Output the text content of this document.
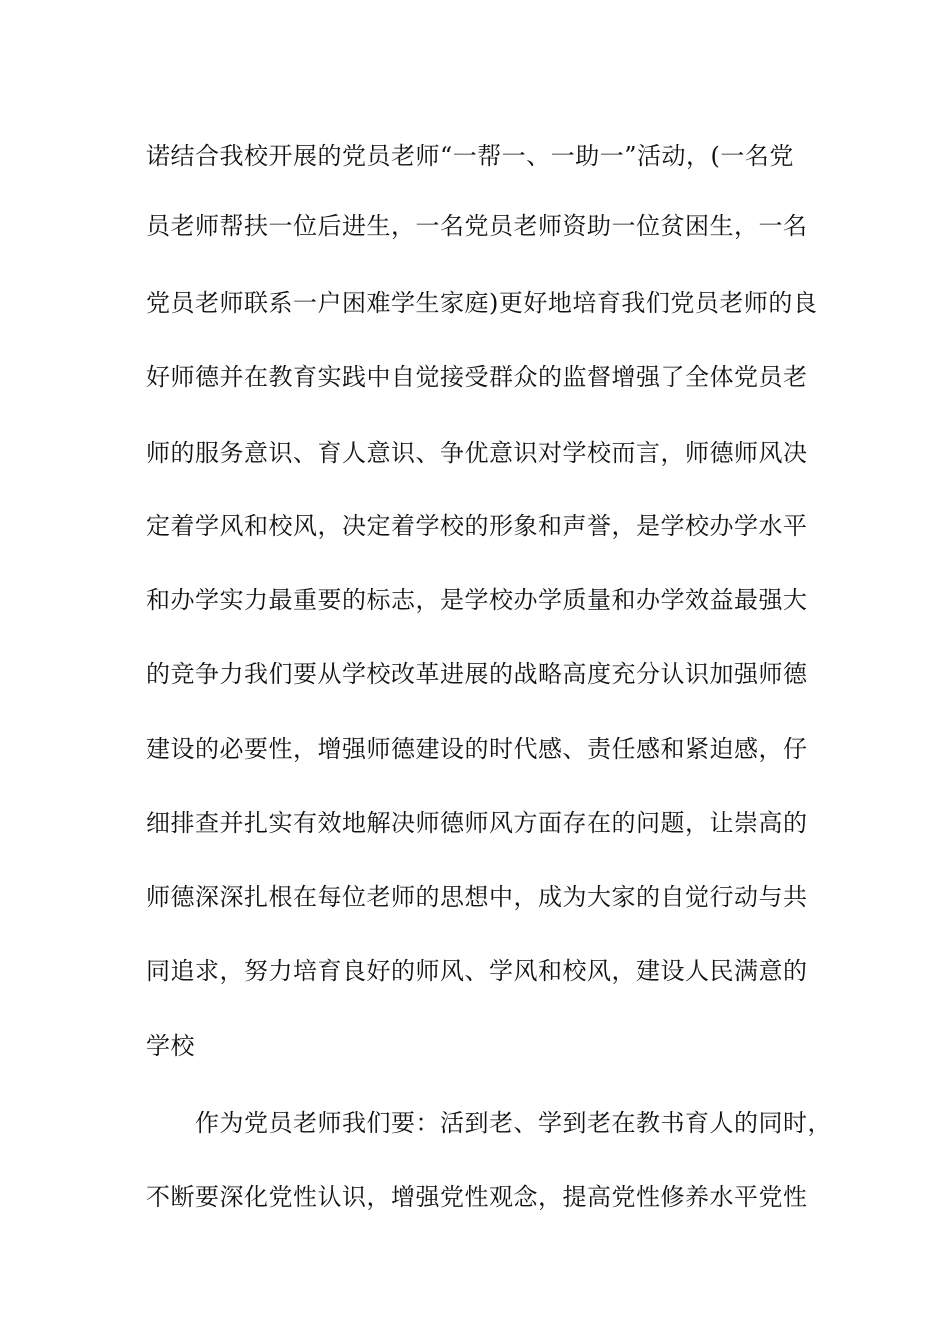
诺结合我校开展的党员老师“一帮一、一助一”活动，(一名党
员老师帮扶一位后进生，一名党员老师资助一位贫困生，一名
党员老师联系一户困难学生家庭)更好地培育我们党员老师的良
好师德并在教育实践中自觉接受群众的监督增强了全体党员老
师的服务意识、育人意识、争优意识对学校而言，师德师风决
定着学风和校风，决定着学校的形象和声誉，是学校办学水平
和办学实力最重要的标志，是学校办学质量和办学效益最强大
的竞争力我们要从学校改革进展的战略高度充分认识加强师德
建设的必要性，增强师德建设的时代感、责任感和紧迫感，仔
细排查并扎实有效地解决师德师风方面存在的问题，让崇高的
师德深深扎根在每位老师的思想中，成为大家的自觉行动与共
同追求，努力培育良好的师风、学风和校风，建设人民满意的
学校
作为党员老师我们要：活到老、学到老在教书育人的同时，
不断要深化党性认识，增强党性观念，提高党性修养水平党性
